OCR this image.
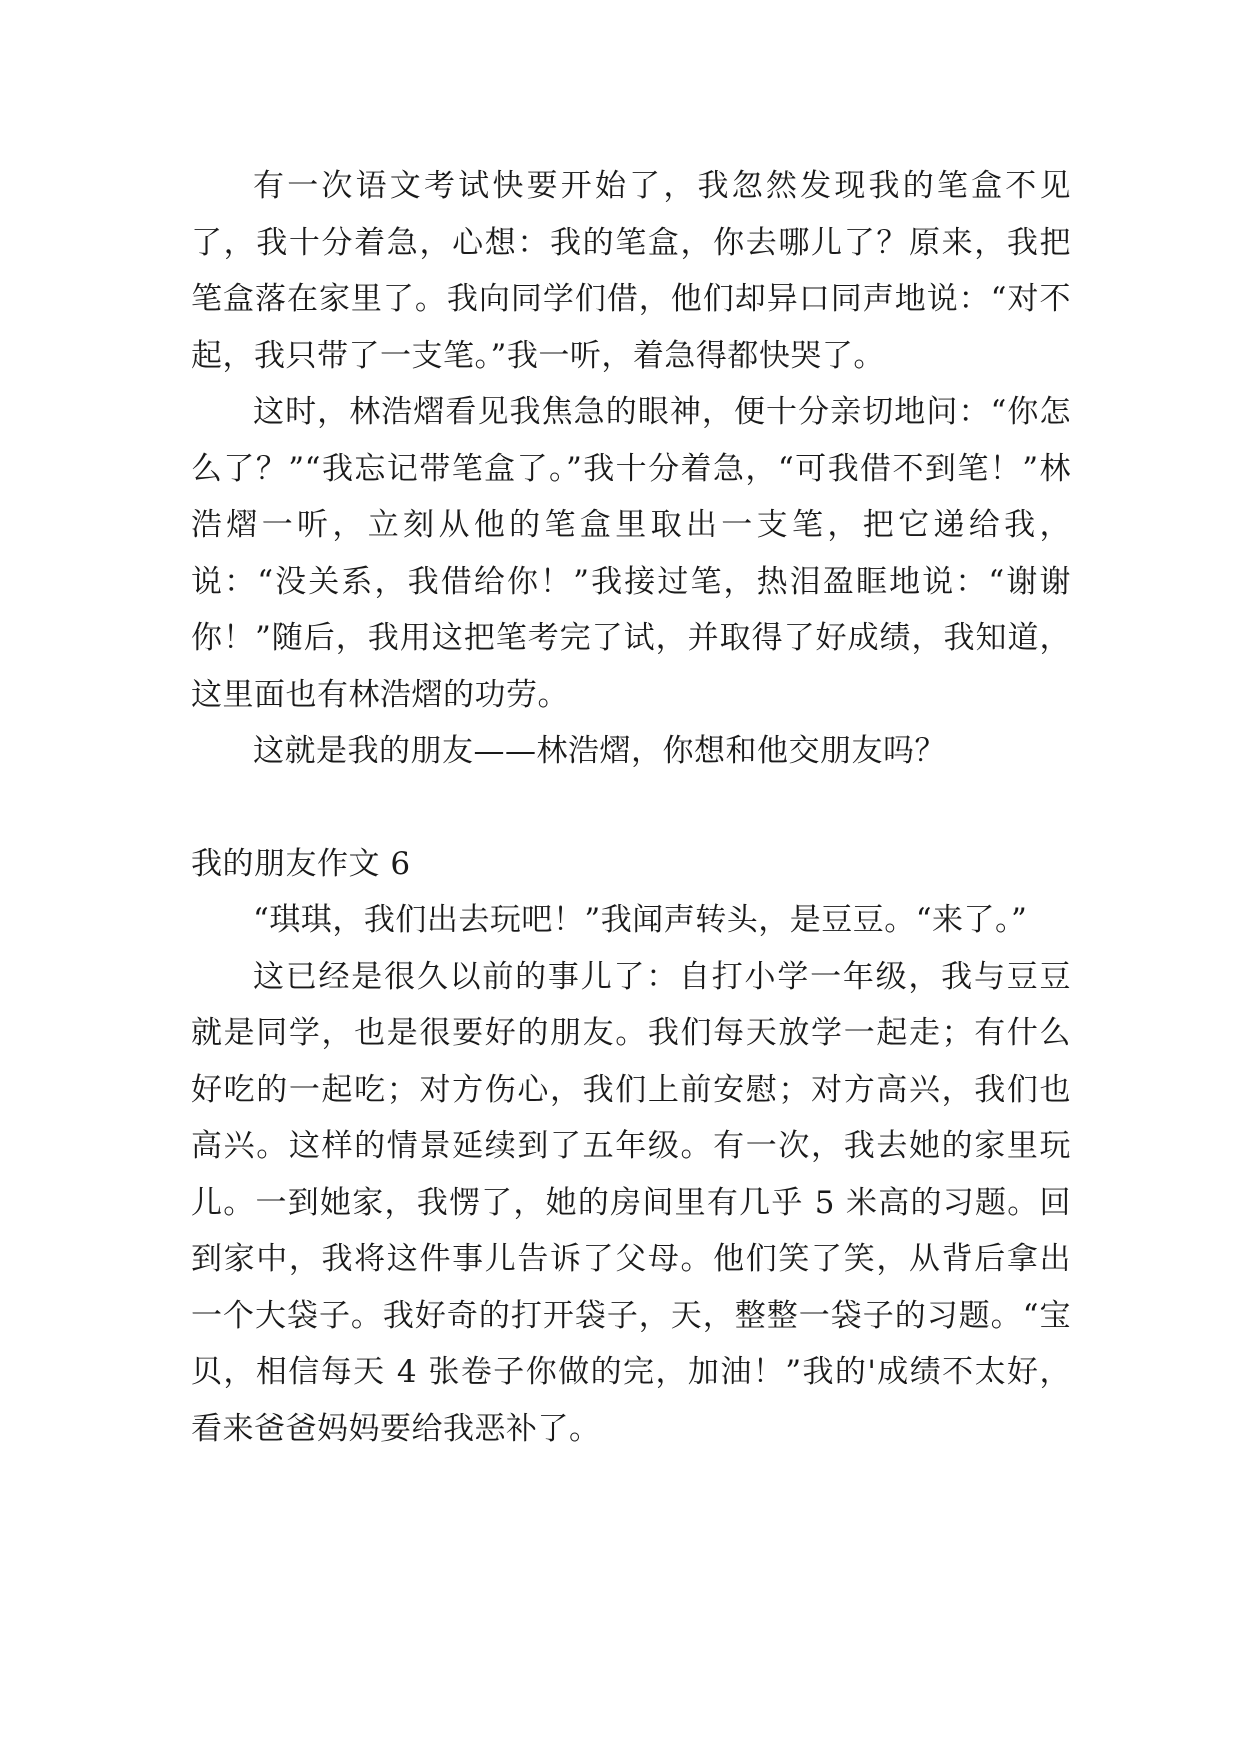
有一次语文考试快要开始了，我忽然发现我的笔盒不见了，我十分着急，心想：我的笔盒，你去哪儿了？原来，我把笔盒落在家里了。我向同学们借，他们却异口同声地说：“对不起，我只带了一支笔。”我一听，着急得都快哭了。

这时，林浩熠看见我焦急的眼神，便十分亲切地问：“你怎么了？”“我忘记带笔盒了。”我十分着急，“可我借不到笔！”林浩熠一听，立刻从他的笔盒里取出一支笔，把它递给我，说：“没关系，我借给你！”我接过笔，热泪盈眶地说：“谢谢你！”随后，我用这把笔考完了试，并取得了好成绩，我知道，这里面也有林浩熠的功劳。

这就是我的朋友——林浩熠，你想和他交朋友吗？

我的朋友作文 6

“琪琪，我们出去玩吧！”我闻声转头，是豆豆。“来了。”

这已经是很久以前的事儿了：自打小学一年级，我与豆豆就是同学，也是很要好的朋友。我们每天放学一起走；有什么好吃的一起吃；对方伤心，我们上前安慰；对方高兴，我们也高兴。这样的情景延续到了五年级。有一次，我去她的家里玩儿。一到她家，我愣了，她的房间里有几乎 5 米高的习题。回到家中，我将这件事儿告诉了父母。他们笑了笑，从背后拿出一个大袋子。我好奇的打开袋子，天，整整一袋子的习题。“宝贝，相信每天 4 张卷子你做的完，加油！”我的'成绩不太好，看来爸爸妈妈要给我恶补了。
